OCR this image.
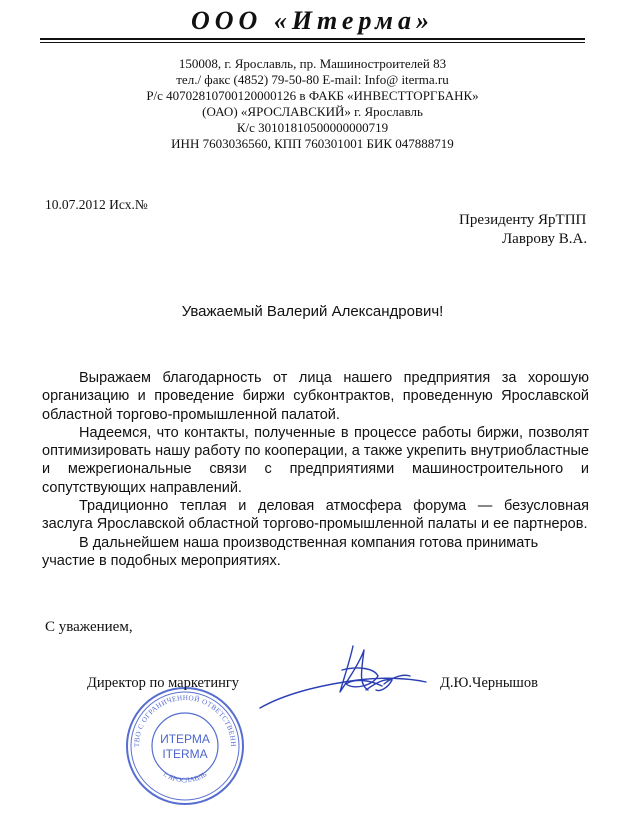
ООО «Итерма»
150008, г. Ярославль, пр. Машиностроителей 83
тел./ факс (4852) 79-50-80 E-mail: Info@ iterma.ru
Р/с 40702810700120000126 в ФАКБ «ИНВЕСТТОРГБАНК»
(ОАО) «ЯРОСЛАВСКИЙ» г. Ярославль
К/с 30101810500000000719
ИНН 7603036560, КПП 760301001 БИК 047888719
10.07.2012 Исх.№
Президенту ЯрТПП
Лаврову В.А.
Уважаемый Валерий Александрович!

Выражаем благодарность от лица нашего предприятия за хорошую организацию и проведение биржи субконтрактов, проведенную Ярославской областной торгово-промышленной палатой.

Надеемся, что контакты, полученные в процессе работы биржи, позволят оптимизировать нашу работу по кооперации, а также укрепить внутриобластные и межрегиональные связи с предприятиями машиностроительного и сопутствующих направлений.

Традиционно теплая и деловая атмосфера форума — безусловная заслуга Ярославской областной торгово-промышленной палаты и ее партнеров.

В дальнейшем наша производственная компания готова принимать участие в подобных мероприятиях.

С уважением,
ТВО С ОГРАНИЧЕННОЙ ОТВЕТСТВЕНН
г. ЯРОСЛАВЛЬ
ИТЕРМА
ITERMA
Директор по маркетингу	Д.Ю.Чернышов
